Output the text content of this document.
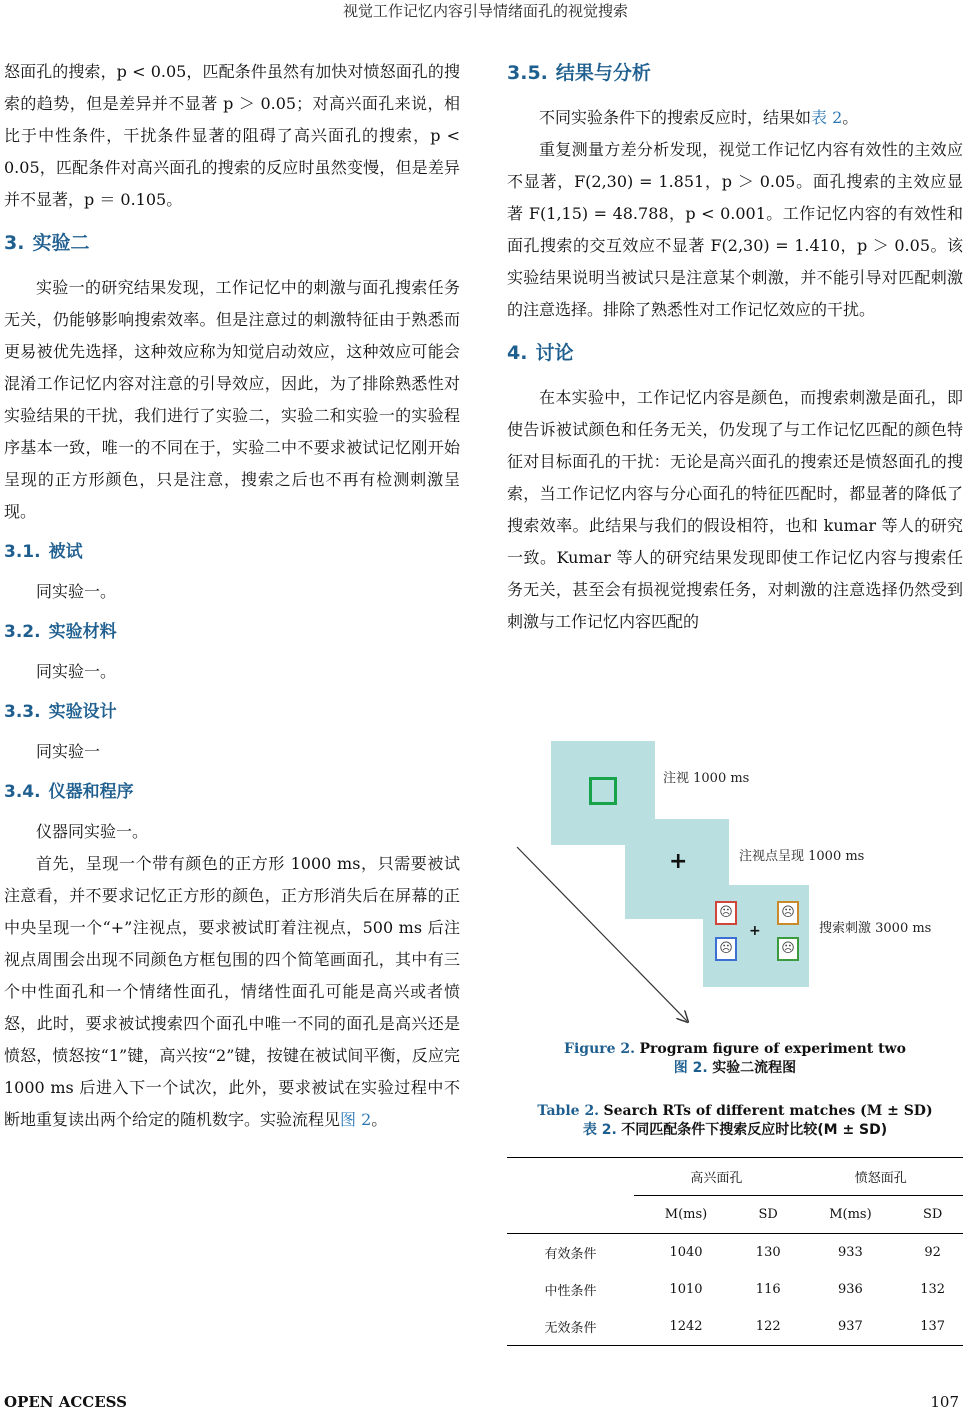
视觉工作记忆内容引导情绪面孔的视觉搜索

怒面孔的搜索，p < 0.05，匹配条件虽然有加快对愤怒面孔的搜索的趋势，但是差异并不显著 p ＞ 0.05；对高兴面孔来说，相比于中性条件，干扰条件显著的阻碍了高兴面孔的搜索，p < 0.05，匹配条件对高兴面孔的搜索的反应时虽然变慢，但是差异并不显著，p ＝ 0.105。

3. 实验二

实验一的研究结果发现，工作记忆中的刺激与面孔搜索任务无关，仍能够影响搜索效率。但是注意过的刺激特征由于熟悉而更易被优先选择，这种效应称为知觉启动效应，这种效应可能会混淆工作记忆内容对注意的引导效应，因此，为了排除熟悉性对实验结果的干扰，我们进行了实验二，实验二和实验一的实验程序基本一致，唯一的不同在于，实验二中不要求被试记忆刚开始呈现的正方形颜色，只是注意，搜索之后也不再有检测刺激呈现。

3.1. 被试

同实验一。

3.2. 实验材料

同实验一。

3.3. 实验设计

同实验一

3.4. 仪器和程序

仪器同实验一。

首先，呈现一个带有颜色的正方形 1000 ms，只需要被试注意看，并不要求记忆正方形的颜色，正方形消失后在屏幕的正中央呈现一个“+”注视点，要求被试盯着注视点，500 ms 后注视点周围会出现不同颜色方框包围的四个简笔画面孔，其中有三个中性面孔和一个情绪性面孔，情绪性面孔可能是高兴或者愤怒，此时，要求被试搜索四个面孔中唯一不同的面孔是高兴还是愤怒，愤怒按“1”键，高兴按“2”键，按键在被试间平衡，反应完 1000 ms 后进入下一个试次，此外，要求被试在实验过程中不断地重复读出两个给定的随机数字。实验流程见图 2。

3.5. 结果与分析

不同实验条件下的搜索反应时，结果如表 2。

重复测量方差分析发现，视觉工作记忆内容有效性的主效应不显著，F(2,30) = 1.851，p ＞ 0.05。面孔搜索的主效应显著 F(1,15) = 48.788，p < 0.001。工作记忆内容的有效性和面孔搜索的交互效应不显著 F(2,30) = 1.410，p ＞ 0.05。该实验结果说明当被试只是注意某个刺激，并不能引导对匹配刺激的注意选择。排除了熟悉性对工作记忆效应的干扰。

4. 讨论

在本实验中，工作记忆内容是颜色，而搜索刺激是面孔，即使告诉被试颜色和任务无关，仍发现了与工作记忆匹配的颜色特征对目标面孔的干扰：无论是高兴面孔的搜索还是愤怒面孔的搜索，当工作记忆内容与分心面孔的特征匹配时，都显著的降低了搜索效率。此结果与我们的假设相符，也和 kumar 等人的研究一致。Kumar 等人的研究结果发现即使工作记忆内容与搜索任务无关，甚至会有损视觉搜索任务，对刺激的注意选择仍然受到刺激与工作记忆内容匹配的

+
☹	☹
☹	☹
+
注视 1000 ms
注视点呈现 1000 ms
搜索刺激 3000 ms
Figure 2. Program figure of experiment two
图 2. 实验二流程图
Table 2. Search RTs of different matches (M ± SD)
表 2. 不同匹配条件下搜索反应时比较(M ± SD)
	高兴面孔		愤怒面孔	
	M(ms)	SD	M(ms)	SD
有效条件	1040	130	933	92
中性条件	1010	116	936	132
无效条件	1242	122	937	137
OPEN ACCESS	107
